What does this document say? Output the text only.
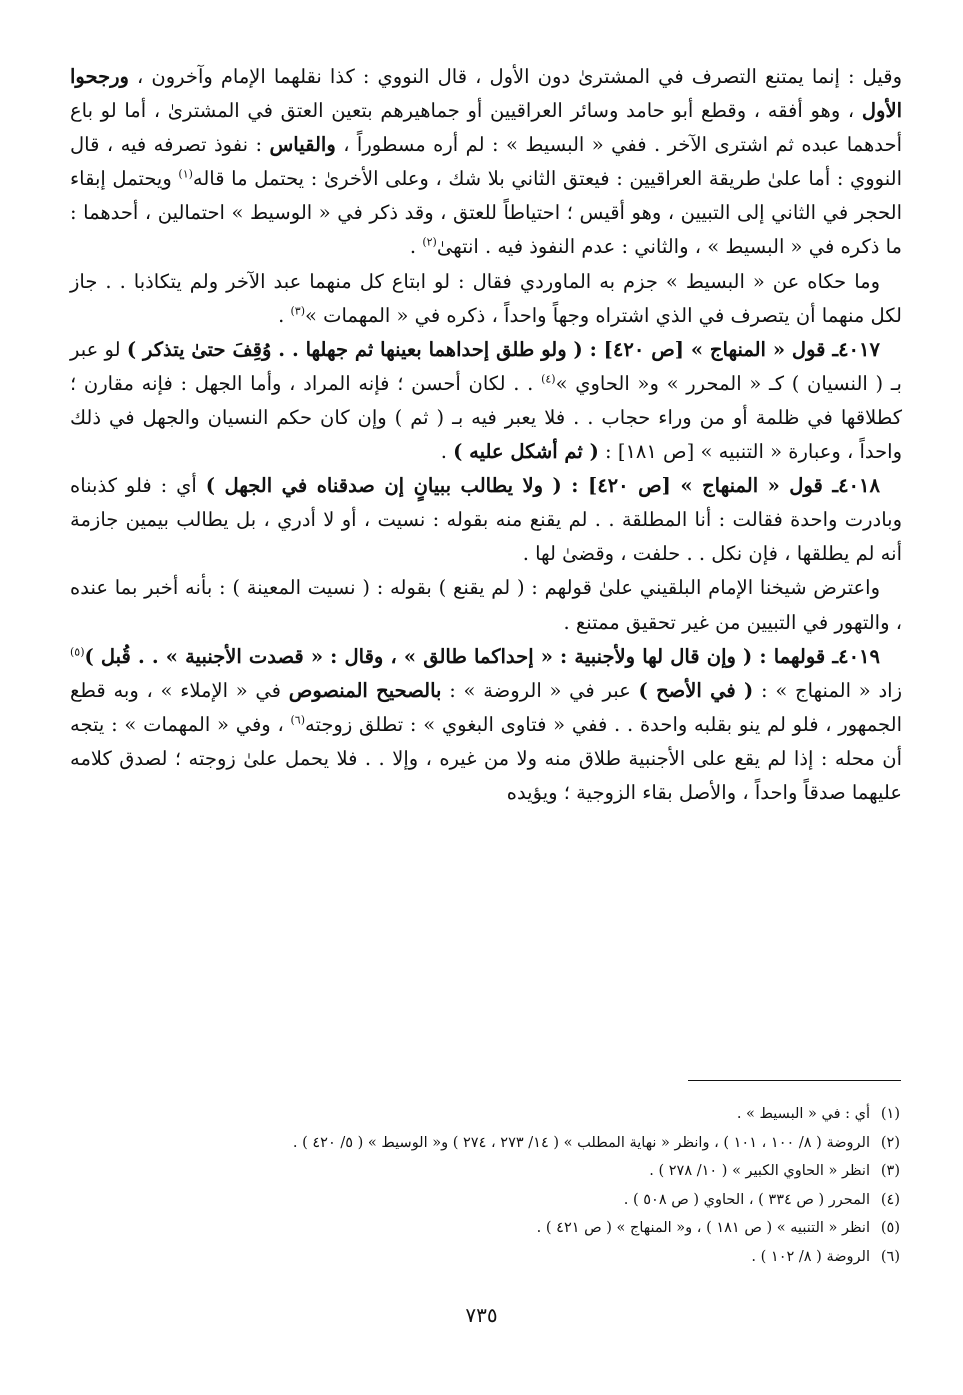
وقيل : إنما يمتنع التصرف في المشترىٰ دون الأول ، قال النووي : كذا نقلهما الإمام وآخرون ، ورجحوا الأول ، وهو أفقه ، وقطع أبو حامد وسائر العراقيين أو جماهيرهم بتعين العتق في المشترىٰ ، أما لو باع أحدهما عبده ثم اشترى الآخر . ففي « البسيط » : لم أره مسطوراً ، والقياس : نفوذ تصرفه فيه ، قال النووي : أما علىٰ طريقة العراقيين : فيعتق الثاني بلا شك ، وعلى الأخرىٰ : يحتمل ما قاله$^{(١)}$ ويحتمل إبقاء الحجر في الثاني إلى التبيين ، وهو أقيس ؛ احتياطاً للعتق ، وقد ذكر في « الوسيط » احتمالين ، أحدهما : ما ذكره في « البسيط » ، والثاني : عدم النفوذ فيه . انتهىٰ$^{(٢)}$ .

وما حكاه عن « البسيط » جزم به الماوردي فقال : لو ابتاع كل منهما عبد الآخر ولم يتكاذبا . . جاز لكل منهما أن يتصرف في الذي اشتراه وجهاً واحداً ، ذكره في « المهمات »$^{(٣)}$ .

٤٠١٧ـ قول « المنهاج » [ص ٤٢٠] : ( ولو طلق إحداهما بعينها ثم جهلها . . وُقِفَ حتىٰ يتذكر ) لو عبر بـ ( النسيان ) كـ « المحرر » و« الحاوي »$^{(٤)}$ . . لكان أحسن ؛ فإنه المراد ، وأما الجهل : فإنه مقارن ؛ كطلاقها في ظلمة أو من وراء حجاب . . فلا يعبر فيه بـ ( ثم ) وإن كان حكم النسيان والجهل في ذلك واحداً ، وعبارة « التنبيه » [ص ١٨١] : ( ثم أشكل عليه ) .

٤٠١٨ـ قول « المنهاج » [ص ٤٢٠] : ( ولا يطالب ببيانٍ إن صدقناه في الجهل ) أي : فلو كذبناه وبادرت واحدة فقالت : أنا المطلقة . . لم يقنع منه بقوله : نسيت ، أو لا أدري ، بل يطالب بيمين جازمة أنه لم يطلقها ، فإن نكل . . حلفت ، وقضىٰ لها .

واعترض شيخنا الإمام البلقيني علىٰ قولهم : ( لم يقنع ) بقوله : ( نسيت المعينة ) : بأنه أخبر بما عنده ، والتهور في التبيين من غير تحقيق ممتنع .

٤٠١٩ـ قولهما : ( وإن قال لها ولأجنبية : « إحداكما طالق » ، وقال : « قصدت الأجنبية » . . قُبل )$^{(٥)}$ زاد « المنهاج » : ( في الأصح ) عبر في « الروضة » : بالصحيح المنصوص في « الإملاء » ، وبه قطع الجمهور ، فلو لم ينو بقلبه واحدة . . ففي « فتاوى البغوي » : تطلق زوجته$^{(٦)}$ ، وفي « المهمات » : يتجه أن محله : إذا لم يقع على الأجنبية طلاق منه ولا من غيره ، وإلا . . فلا يحمل علىٰ زوجته ؛ لصدق كلامه عليهما صدقاً واحداً ، والأصل بقاء الزوجية ؛ ويؤيده

(١)
أي : في « البسيط » .
(٢)
الروضة ( ٨/ ١٠٠ ، ١٠١ ) ، وانظر « نهاية المطلب » ( ١٤/ ٢٧٣ ، ٢٧٤ ) و« الوسيط » ( ٥/ ٤٢٠ ) .
(٣)
انظر « الحاوي الكبير » ( ١٠/ ٢٧٨ ) .
(٤)
المحرر ( ص ٣٣٤ ) ، الحاوي ( ص ٥٠٨ ) .
(٥)
انظر « التنبيه » ( ص ١٨١ ) ، و« المنهاج » ( ص ٤٢١ ) .
(٦)
الروضة ( ٨/ ١٠٢ ) .
٧٣٥
